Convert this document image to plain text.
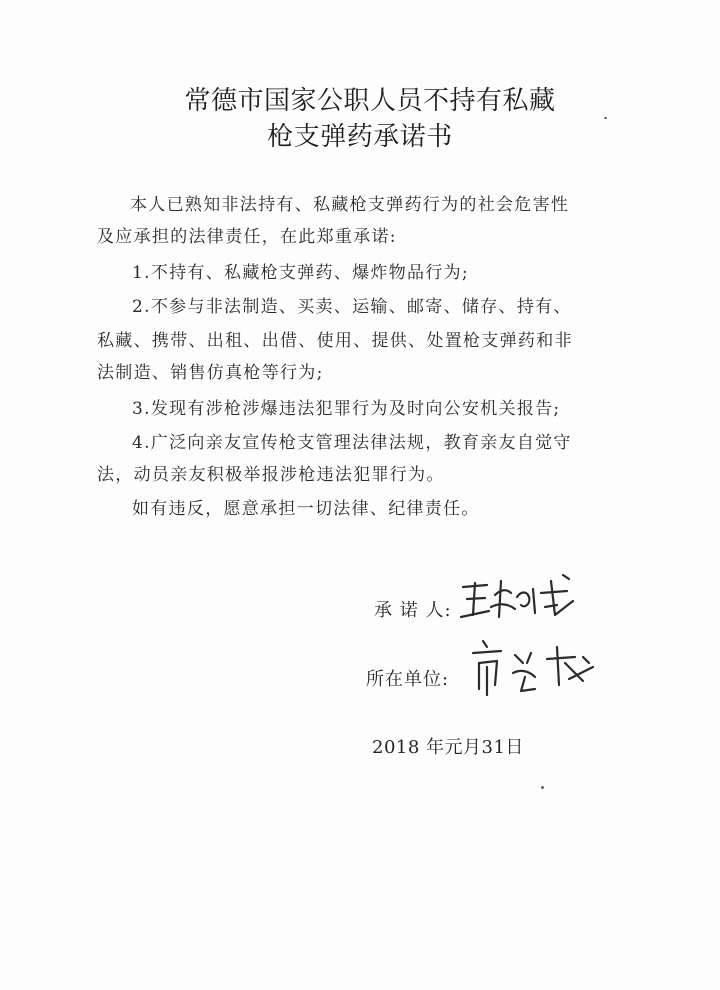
常德市国家公职人员不持有私藏
枪支弹药承诺书
本人已熟知非法持有、私藏枪支弹药行为的社会危害性
及应承担的法律责任，在此郑重承诺:
1.不持有、私藏枪支弹药、爆炸物品行为;
2.不参与非法制造、买卖、运输、邮寄、储存、持有、
私藏、携带、出租、出借、使用、提供、处置枪支弹药和非
法制造、销售仿真枪等行为;
3.发现有涉枪涉爆违法犯罪行为及时向公安机关报告;
4.广泛向亲友宣传枪支管理法律法规，教育亲友自觉守
法，动员亲友积极举报涉枪违法犯罪行为。
如有违反，愿意承担一切法律、纪律责任。
承 诺 人:
所在单位:
2018 年元月31日
